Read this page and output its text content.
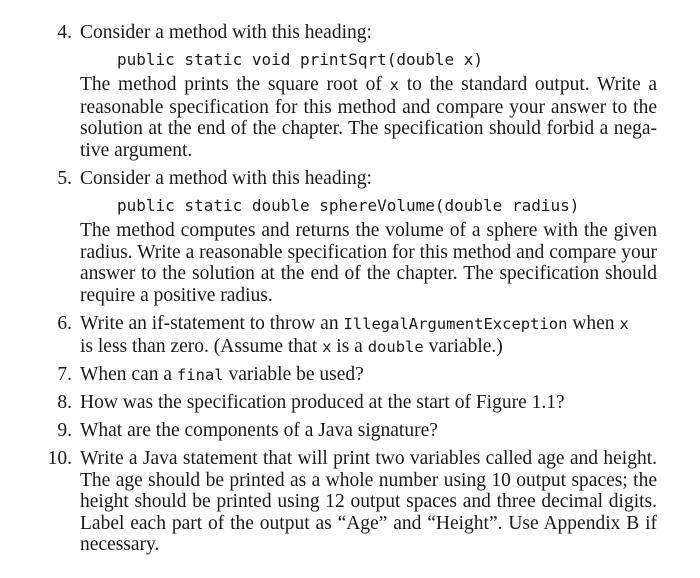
4. Consider a method with this heading:
public static void printSqrt(double x)
The method prints the square root of x to the standard output. Write a reasonable specification for this method and compare your answer to the solution at the end of the chapter. The specification should forbid a nega-tive argument.
5. Consider a method with this heading:
public static double sphereVolume(double radius)
The method computes and returns the volume of a sphere with the given radius. Write a reasonable specification for this method and compare your answer to the solution at the end of the chapter. The specification should require a positive radius.
6. Write an if-statement to throw an IllegalArgumentException when x
is less than zero. (Assume that x is a double variable.)
7. When can a final variable be used?
8. How was the specification produced at the start of Figure 1.1?
9. What are the components of a Java signature?
10. Write a Java statement that will print two variables called age and height. The age should be printed as a whole number using 10 output spaces; the height should be printed using 12 output spaces and three decimal digits. Label each part of the output as “Age” and “Height”. Use Appendix B if necessary.
